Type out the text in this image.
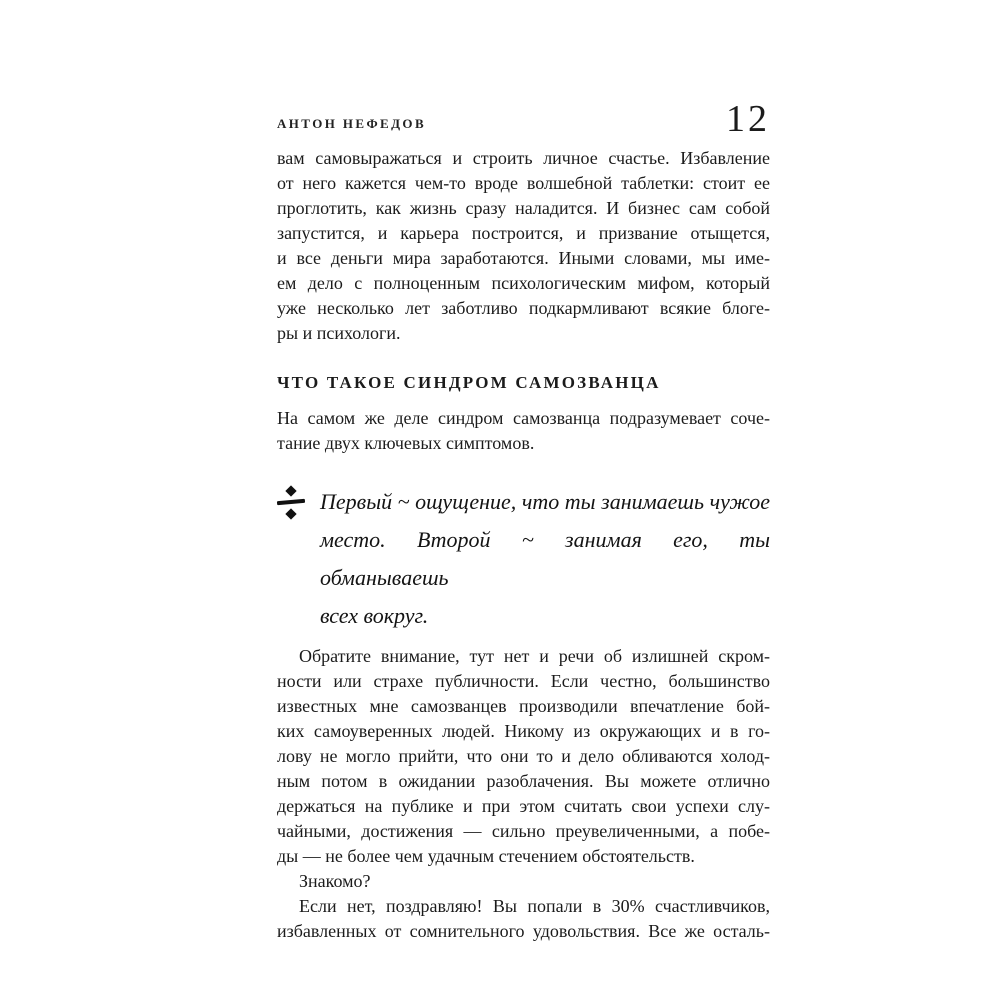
АНТОН НЕФЕДОВ	12
вам самовыражаться и строить личное счастье. Избавление
от него кажется чем-то вроде волшебной таблетки: стоит ее
проглотить, как жизнь сразу наладится. И бизнес сам собой
запустится, и карьера построится, и призвание отыщется,
и все деньги мира заработаются. Иными словами, мы име-
ем дело с полноценным психологическим мифом, который
уже несколько лет заботливо подкармливают всякие блоге-
ры и психологи.
ЧТО ТАКОЕ СИНДРОМ САМОЗВАНЦА
На самом же деле синдром самозванца подразумевает соче-
тание двух ключевых симптомов.
Первый ~ ощущение, что ты занимаешь чужое
место. Второй ~ занимая его, ты обманываешь
всех вокруг.
Обратите внимание, тут нет и речи об излишней скром-
ности или страхе публичности. Если честно, большинство
известных мне самозванцев производили впечатление бой-
ких самоуверенных людей. Никому из окружающих и в го-
лову не могло прийти, что они то и дело обливаются холод-
ным потом в ожидании разоблачения. Вы можете отлично
держаться на публике и при этом считать свои успехи слу-
чайными, достижения — сильно преувеличенными, а побе-
ды — не более чем удачным стечением обстоятельств.
Знакомо?
Если нет, поздравляю! Вы попали в 30% счастливчиков,
избавленных от сомнительного удовольствия. Все же осталь-
